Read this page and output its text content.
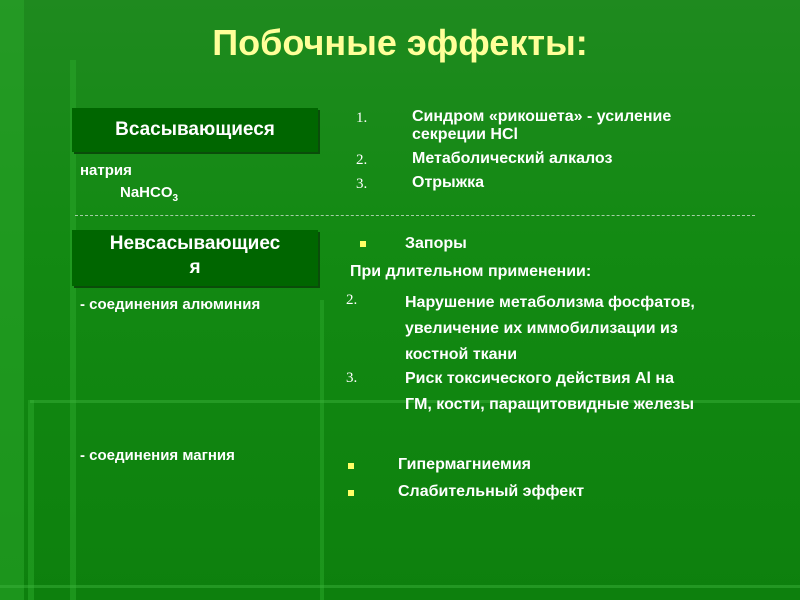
Побочные эффекты:
Всасывающиеся
натрия
NaHCO$_3$
1.	Синдром «рикошета» - усиление
секреции НСl
2.	Метаболический алкалоз
3.	Отрыжка
Невсасывающиес
я
- соединения алюминия
Запоры
При длительном применении:
2.	Нарушение метаболизма фосфатов,
увеличение их иммобилизации из
костной ткани
3.	Риск токсического действия Al на
ГМ, кости, паращитовидные железы
- соединения магния
Гипермагниемия
Слабительный эффект
